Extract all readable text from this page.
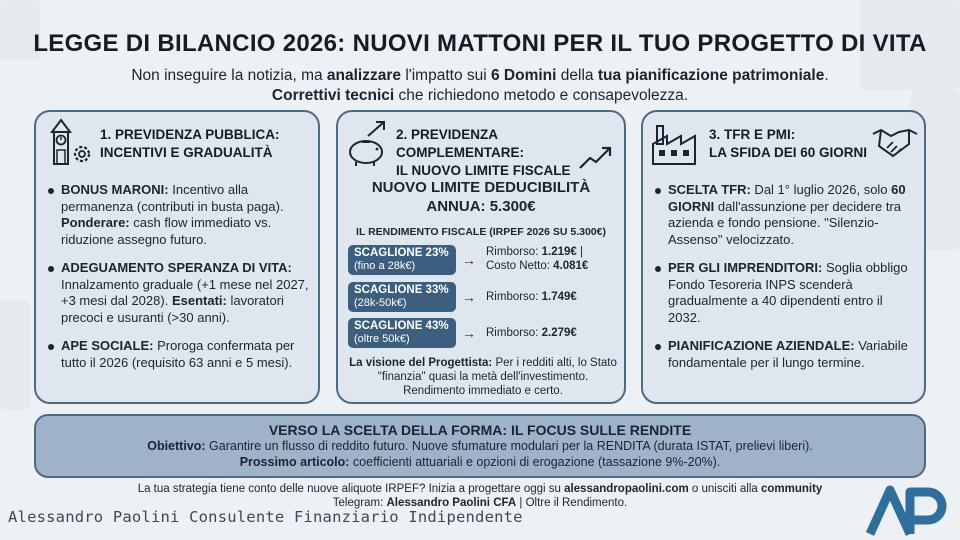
LEGGE DI BILANCIO 2026: NUOVI MATTONI PER IL TUO PROGETTO DI VITA
Non inseguire la notizia, ma analizzare l'impatto sui 6 Domini della tua pianificazione patrimoniale.
Correttivi tecnici che richiedono metodo e consapevolezza.
1. PREVIDENZA PUBBLICA:
INCENTIVI E GRADUALITÀ
BONUS MARONI: Incentivo alla permanenza (contributi in busta paga). Ponderare: cash flow immediato vs. riduzione assegno futuro.
ADEGUAMENTO SPERANZA DI VITA: Innalzamento graduale (+1 mese nel 2027, +3 mesi dal 2028). Esentati: lavoratori precoci e usuranti (>30 anni).
APE SOCIALE: Proroga confermata per tutto il 2026 (requisito 63 anni e 5 mesi).
2. PREVIDENZA COMPLEMENTARE:
IL NUOVO LIMITE FISCALE
NUOVO LIMITE DEDUCIBILITÀ
ANNUA: 5.300€
IL RENDIMENTO FISCALE (IRPEF 2026 SU 5.300€)
SCAGLIONE 23%
(fino a 28k€)	→ Rimborso: 1.219€ |
Costo Netto: 4.081€
SCAGLIONE 33%
(28k-50k€)	→ Rimborso: 1.749€
SCAGLIONE 43%
(oltre 50k€)	→ Rimborso: 2.279€
La visione del Progettista: Per i redditi alti, lo Stato "finanzia" quasi la metà dell'investimento. Rendimento immediato e certo.
3. TFR E PMI:
LA SFIDA DEI 60 GIORNI
SCELTA TFR: Dal 1° luglio 2026, solo 60 GIORNI dall'assunzione per decidere tra azienda e fondo pensione. "Silenzio-Assenso" velocizzato.
PER GLI IMPRENDITORI: Soglia obbligo Fondo Tesoreria INPS scenderà gradualmente a 40 dipendenti entro il 2032.
PIANIFICAZIONE AZIENDALE: Variabile fondamentale per il lungo termine.
VERSO LA SCELTA DELLA FORMA: IL FOCUS SULLE RENDITE
Obiettivo: Garantire un flusso di reddito futuro. Nuove sfumature modulari per la RENDITA (durata ISTAT, prelievi liberi).
Prossimo articolo: coefficienti attuariali e opzioni di erogazione (tassazione 9%-20%).
La tua strategia tiene conto delle nuove aliquote IRPEF? Inizia a progettare oggi su alessandropaolini.com o unisciti alla community
Telegram: Alessandro Paolini CFA | Oltre il Rendimento.
Alessandro Paolini Consulente Finanziario Indipendente
